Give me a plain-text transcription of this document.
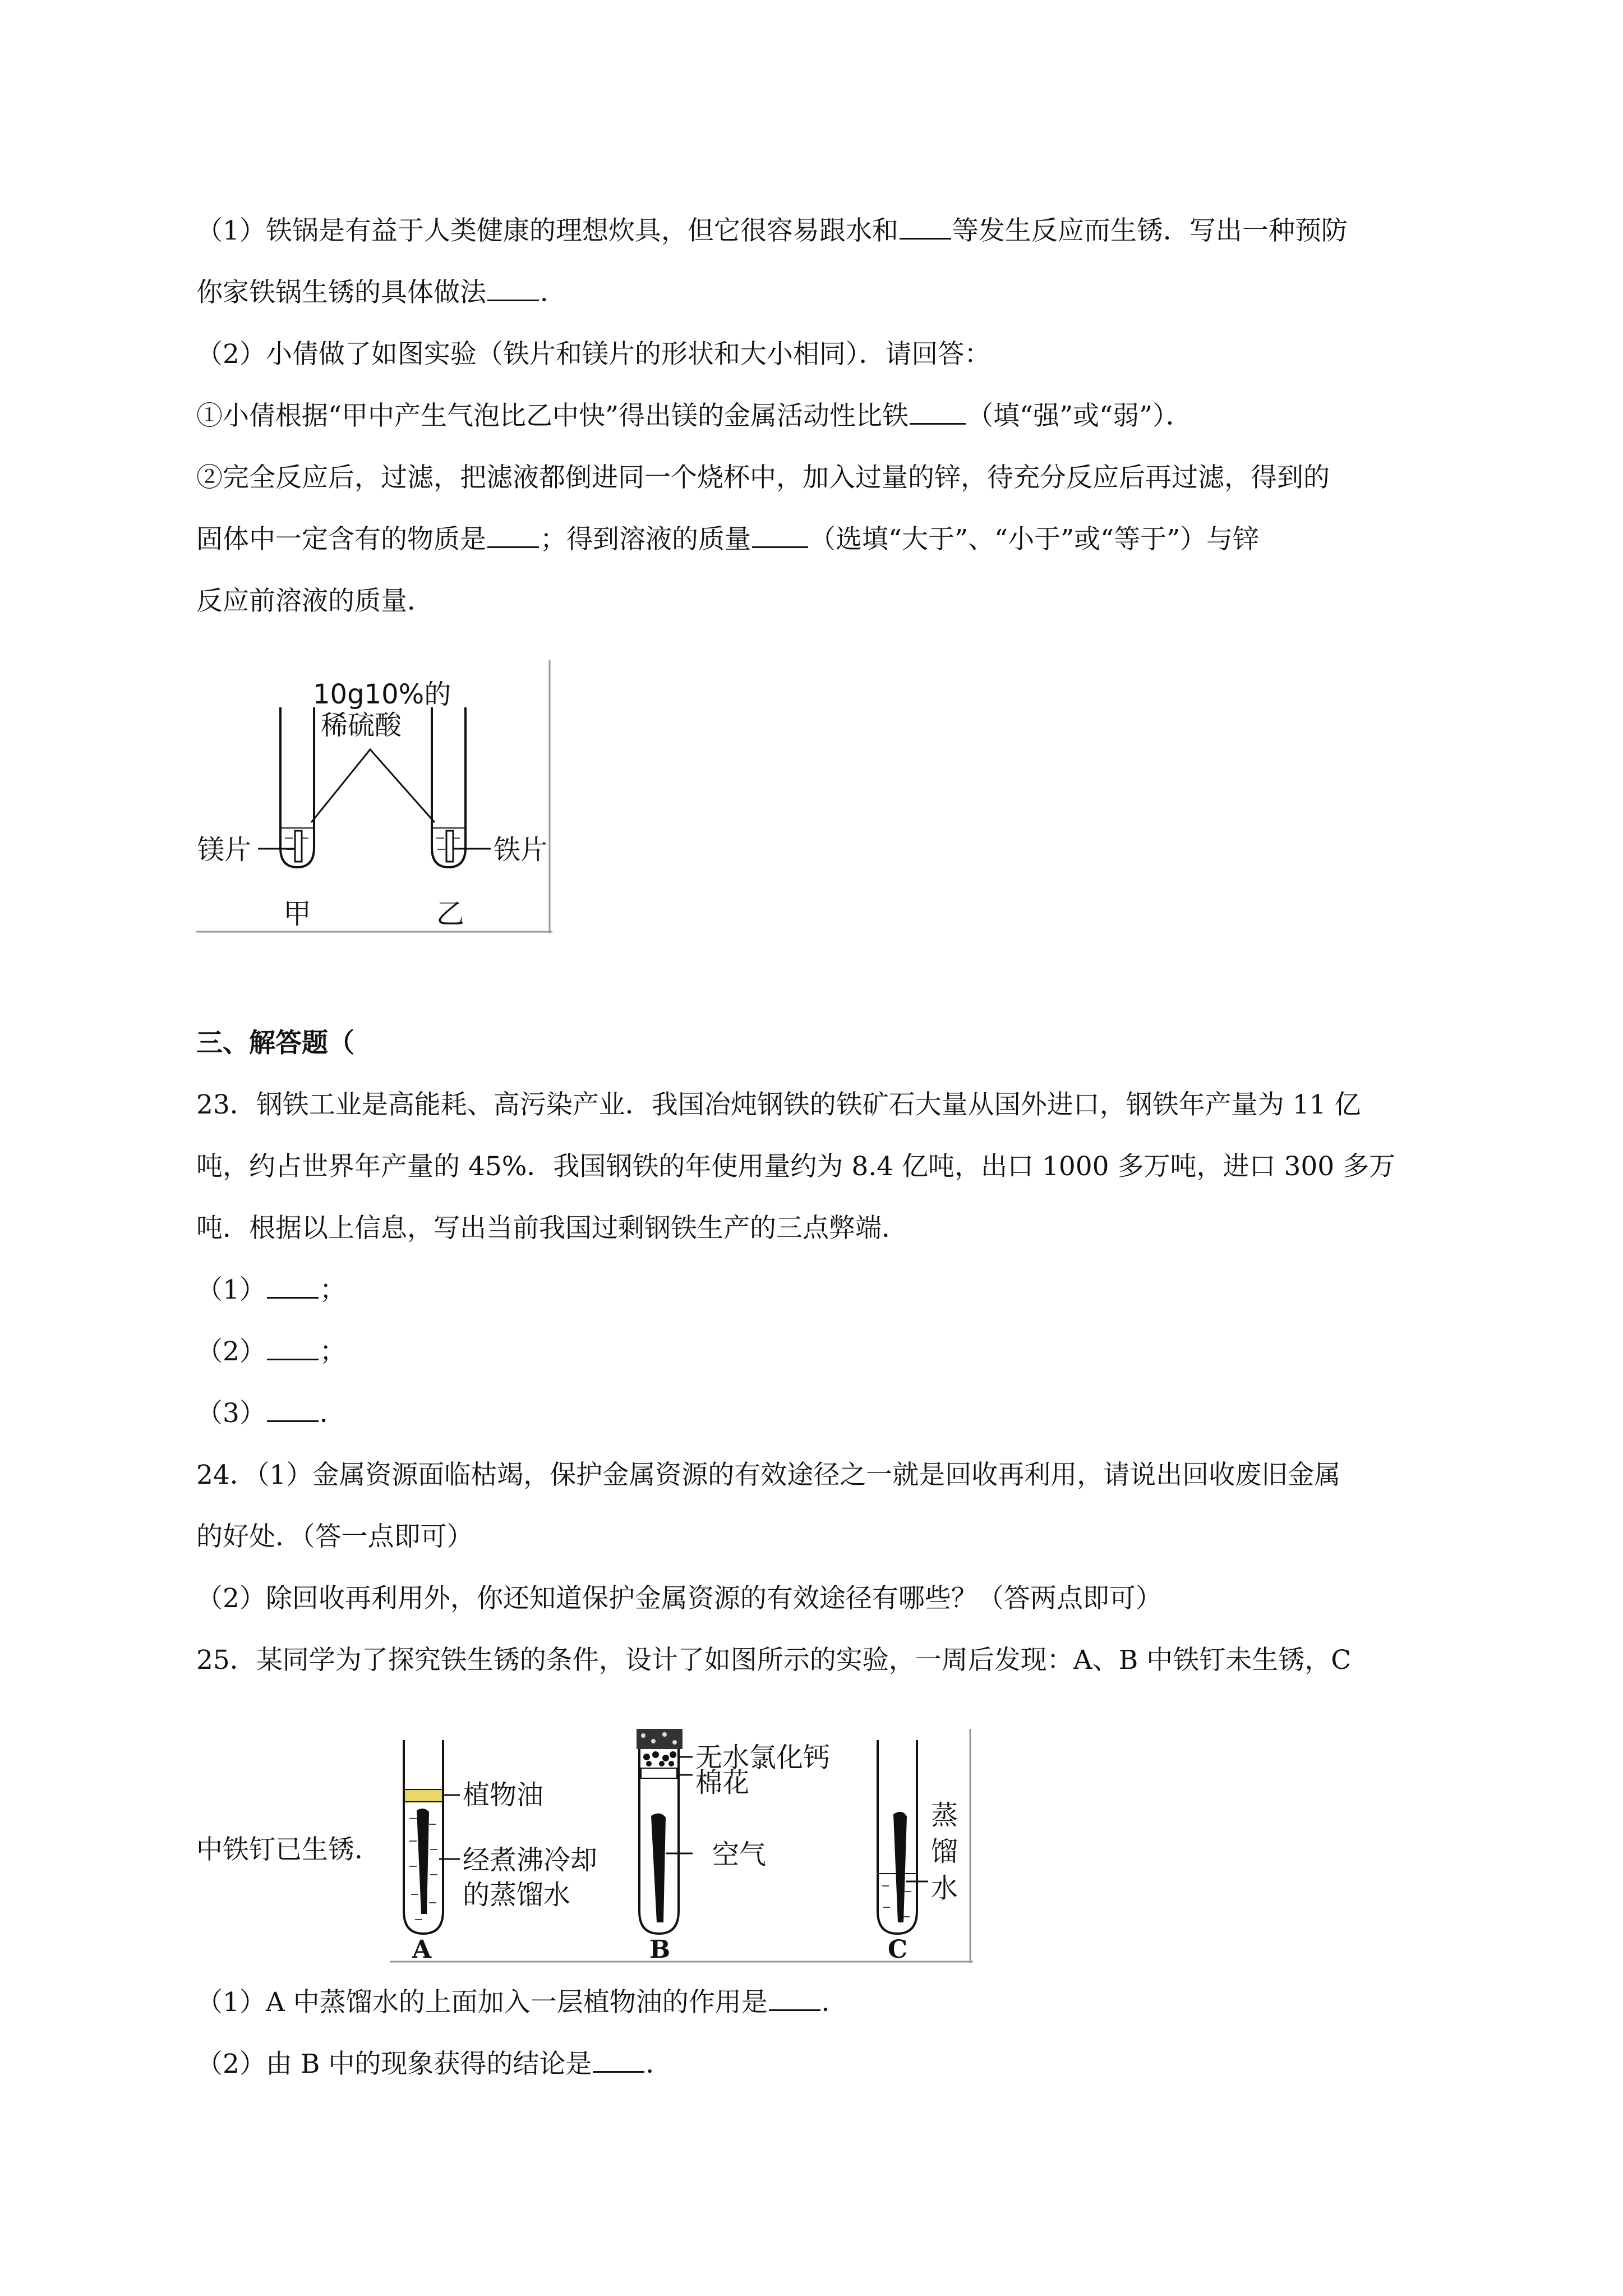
（1）铁锅是有益于人类健康的理想炊具，但它很容易跟水和 等发生反应而生锈．写出一种预防
你家铁锅生锈的具体做法 ．
（2）小倩做了如图实验（铁片和镁片的形状和大小相同）．请回答：
①小倩根据“甲中产生气泡比乙中快”得出镁的金属活动性比铁 （填“强”或“弱”）．
②完全反应后，过滤，把滤液都倒进同一个烧杯中，加入过量的锌，待充分反应后再过滤，得到的
固体中一定含有的物质是 ；得到溶液的质量 （选填“大于”、“小于”或“等于”）与锌
反应前溶液的质量．
10g10%的
稀硫酸
镁片	铁片
甲	乙
三、解答题（
23．钢铁工业是高能耗、高污染产业．我国冶炖钢铁的铁矿石大量从国外进口，钢铁年产量为 11 亿
吨，约占世界年产量的 45%．我国钢铁的年使用量约为 8.4 亿吨，出口 1000 多万吨，进口 300 多万
吨．根据以上信息，写出当前我国过剩钢铁生产的三点弊端．
（1） ；
（2） ；
（3） ．
24．（1）金属资源面临枯竭，保护金属资源的有效途径之一就是回收再利用，请说出回收废旧金属
的好处．（答一点即可）
（2）除回收再利用外，你还知道保护金属资源的有效途径有哪些？（答两点即可）
25．某同学为了探究铁生锈的条件，设计了如图所示的实验，一周后发现：A、B 中铁钉未生锈，C
中铁钉已生锈．
植物油
经煮沸冷却
的蒸馏水
A
无水氯化钙
棉花
空气
B
蒸
馏
水
C
（1）A 中蒸馏水的上面加入一层植物油的作用是 ．
（2）由 B 中的现象获得的结论是 ．
